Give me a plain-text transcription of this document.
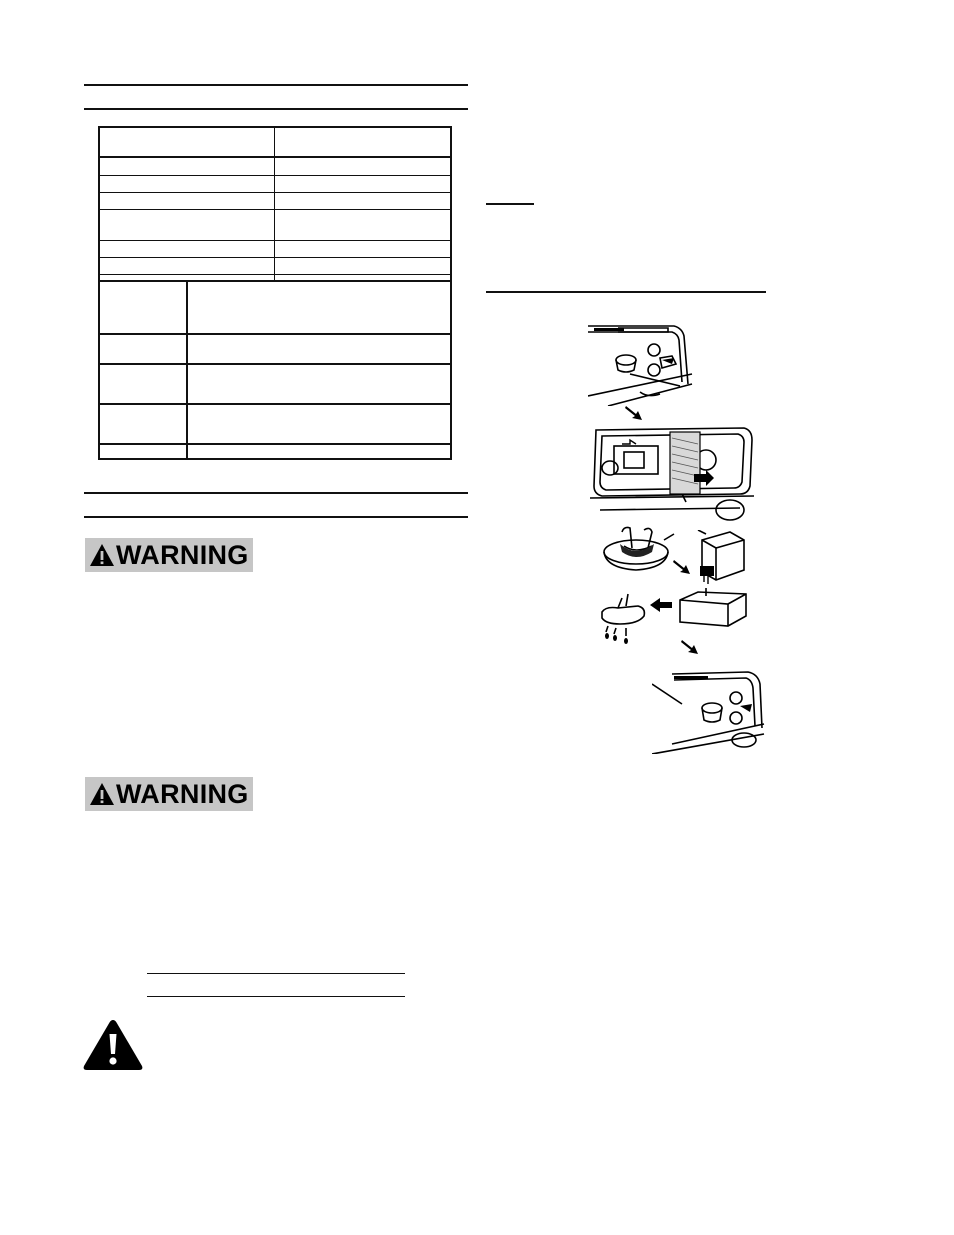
WARNING
WARNING
